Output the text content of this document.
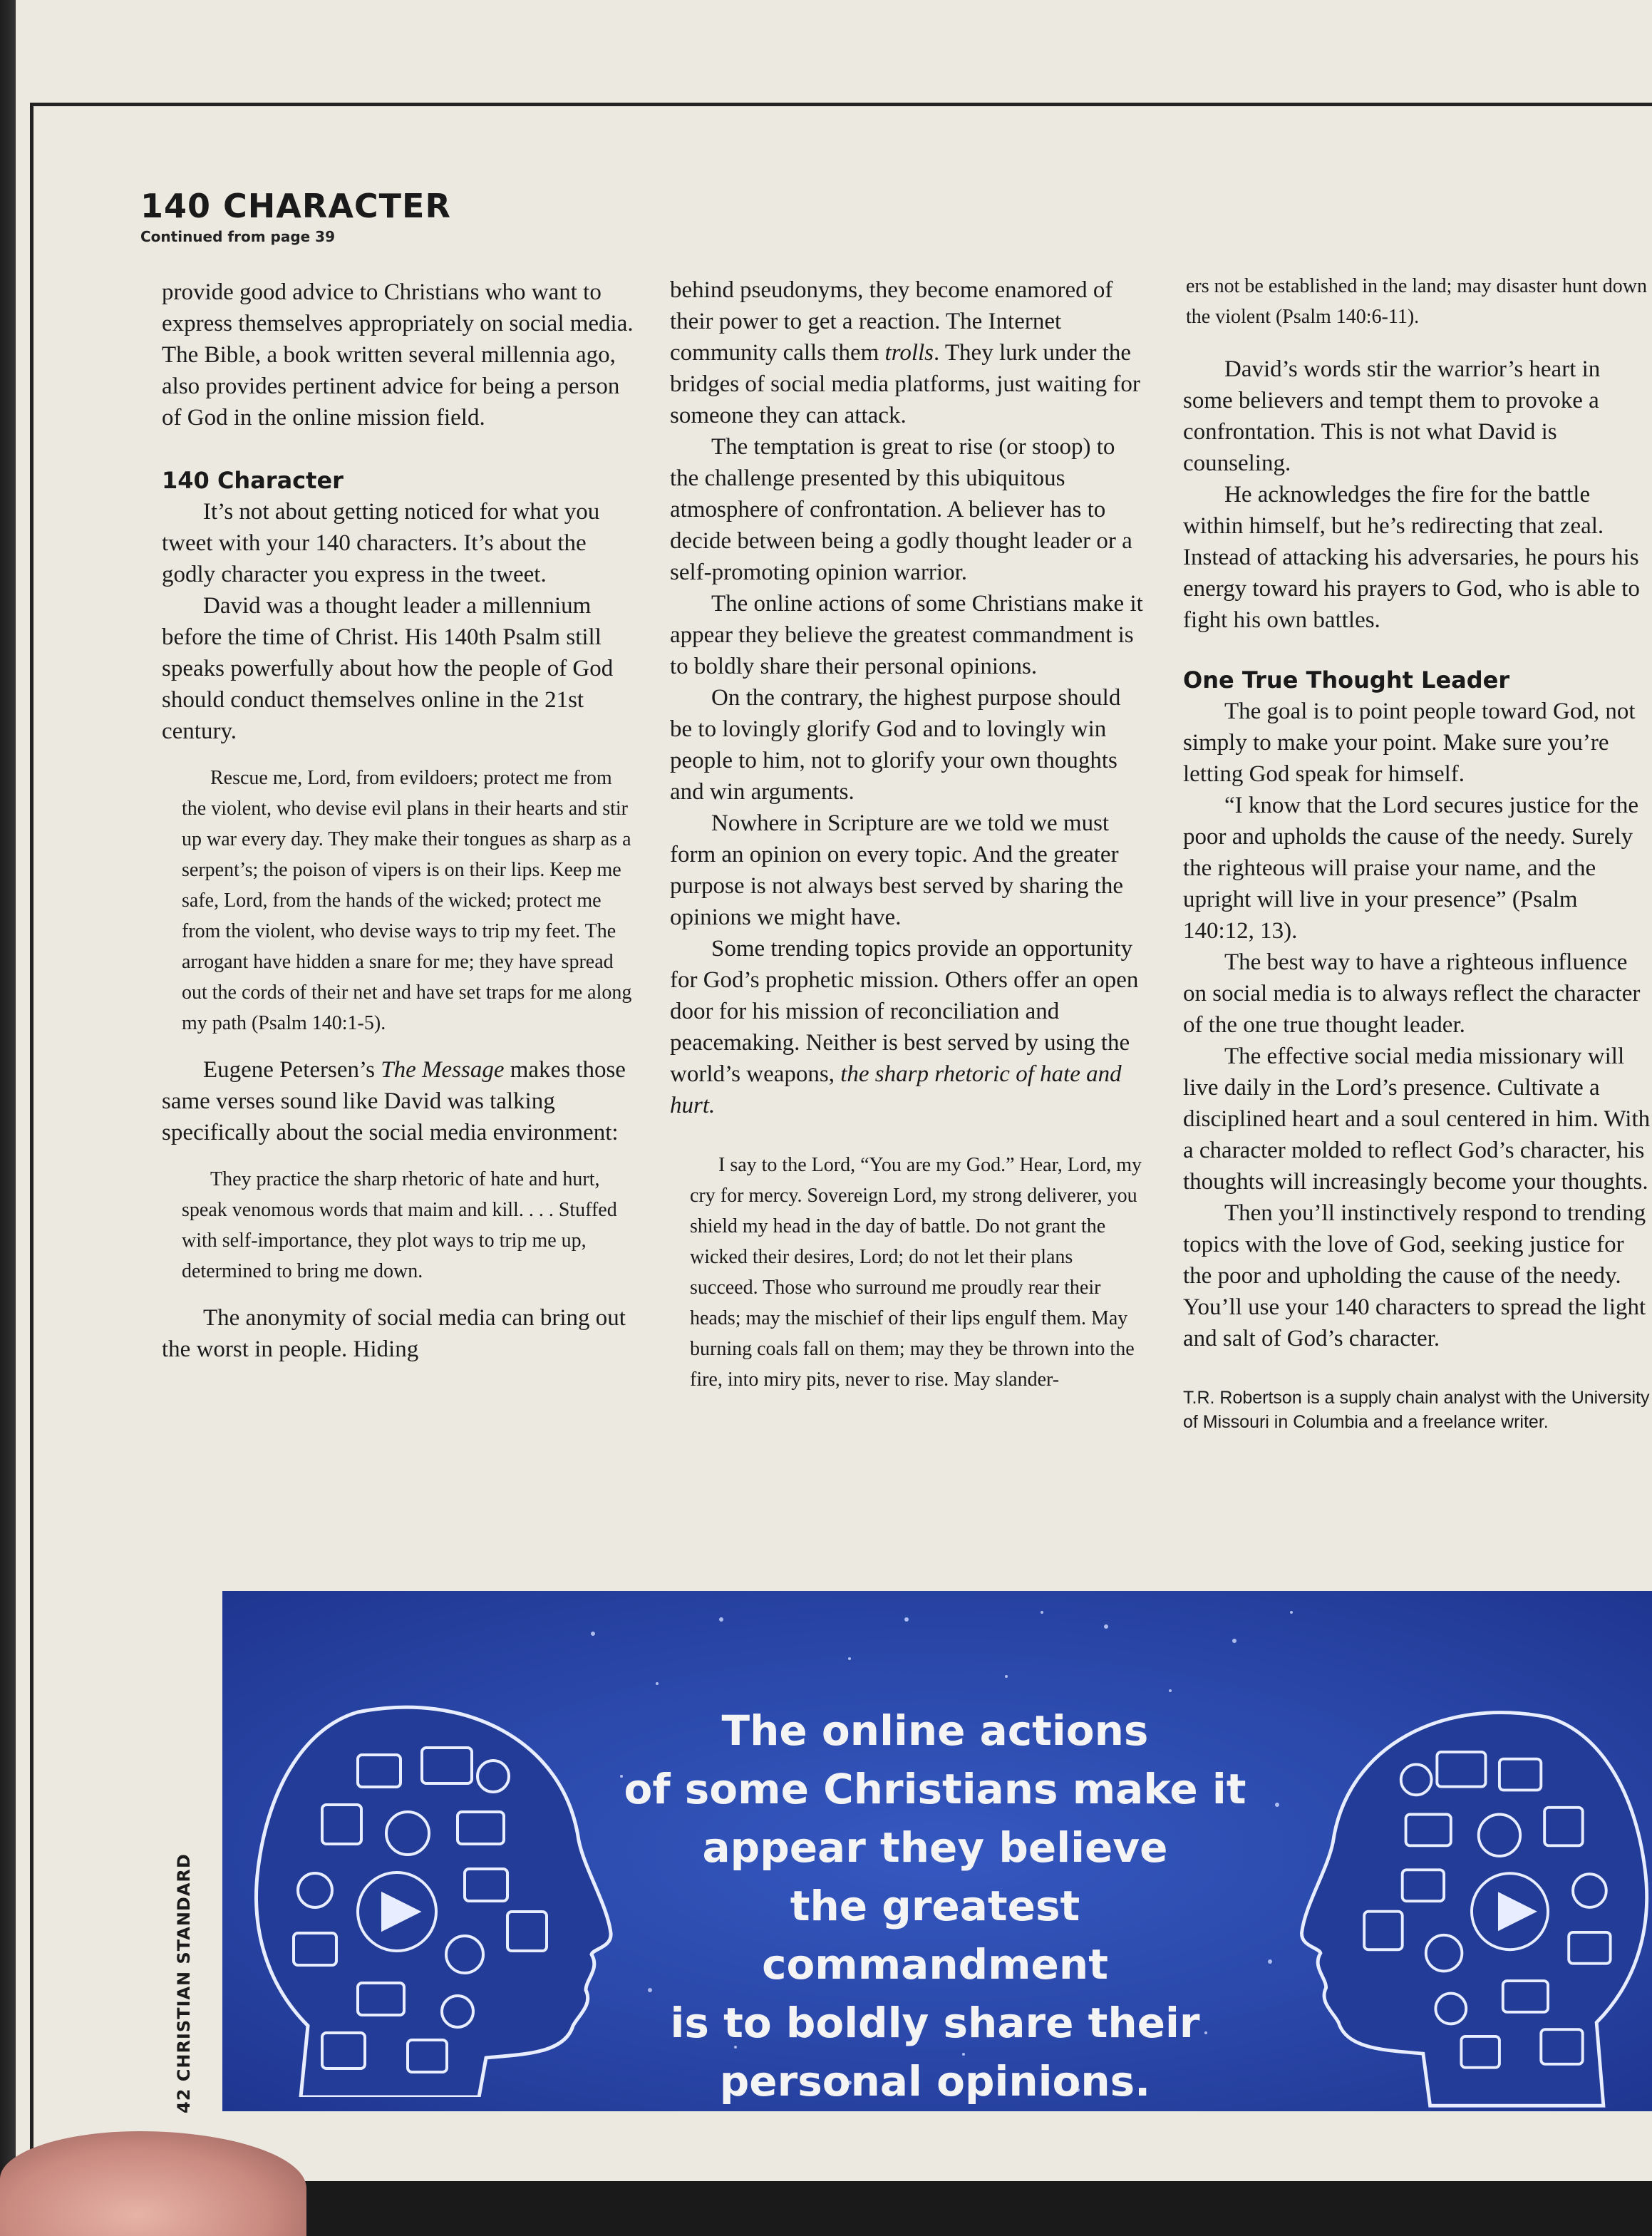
140 CHARACTER
Continued from page 39

provide good advice to Christians who want to express themselves appropriately on social media. The Bible, a book written several millennia ago, also provides pertinent advice for being a person of God in the online mission field.

140 Character

It’s not about getting noticed for what you tweet with your 140 characters. It’s about the godly character you express in the tweet.

David was a thought leader a millennium before the time of Christ. His 140th Psalm still speaks powerfully about how the people of God should conduct themselves online in the 21st century.

Rescue me, Lord, from evildoers; protect me from the violent, who devise evil plans in their hearts and stir up war every day. They make their tongues as sharp as a serpent’s; the poison of vipers is on their lips. Keep me safe, Lord, from the hands of the wicked; protect me from the violent, who devise ways to trip my feet. The arrogant have hidden a snare for me; they have spread out the cords of their net and have set traps for me along my path (Psalm 140:1-5).

Eugene Petersen’s The Message makes those same verses sound like David was talking specifically about the social media environment:

They practice the sharp rhetoric of hate and hurt, speak venomous words that maim and kill. . . . Stuffed with self-importance, they plot ways to trip me up, determined to bring me down.

The anonymity of social media can bring out the worst in people. Hiding

behind pseudonyms, they become enamored of their power to get a reaction. The Internet community calls them trolls. They lurk under the bridges of social media platforms, just waiting for someone they can attack.

The temptation is great to rise (or stoop) to the challenge presented by this ubiquitous atmosphere of confrontation. A believer has to decide between being a godly thought leader or a self-promoting opinion warrior.

The online actions of some Christians make it appear they believe the greatest commandment is to boldly share their personal opinions.

On the contrary, the highest purpose should be to lovingly glorify God and to lovingly win people to him, not to glorify your own thoughts and win arguments.

Nowhere in Scripture are we told we must form an opinion on every topic. And the greater purpose is not always best served by sharing the opinions we might have.

Some trending topics provide an opportunity for God’s prophetic mission. Others offer an open door for his mission of reconciliation and peacemaking. Neither is best served by using the world’s weapons, the sharp rhetoric of hate and hurt.

I say to the Lord, “You are my God.” Hear, Lord, my cry for mercy. Sovereign Lord, my strong deliverer, you shield my head in the day of battle. Do not grant the wicked their desires, Lord; do not let their plans succeed. Those who surround me proudly rear their heads; may the mischief of their lips engulf them. May burning coals fall on them; may they be thrown into the fire, into miry pits, never to rise. May slander-
ers not be established in the land; may disaster hunt down the violent (Psalm 140:6-11).

David’s words stir the warrior’s heart in some believers and tempt them to provoke a confrontation. This is not what David is counseling.

He acknowledges the fire for the battle within himself, but he’s redirecting that zeal. Instead of attacking his adversaries, he pours his energy toward his prayers to God, who is able to fight his own battles.

One True Thought Leader

The goal is to point people toward God, not simply to make your point. Make sure you’re letting God speak for himself.

“I know that the Lord secures justice for the poor and upholds the cause of the needy. Surely the righteous will praise your name, and the upright will live in your presence” (Psalm 140:12, 13).

The best way to have a righteous influence on social media is to always reflect the character of the one true thought leader.

The effective social media missionary will live daily in the Lord’s presence. Cultivate a disciplined heart and a soul centered in him. With a character molded to reflect God’s character, his thoughts will increasingly become your thoughts.

Then you’ll instinctively respond to trending topics with the love of God, seeking justice for the poor and upholding the cause of the needy. You’ll use your 140 characters to spread the light and salt of God’s character.

T.R. Robertson is a supply chain analyst with the University of Missouri in Columbia and a freelance writer.
42 CHRISTIAN STANDARD
The online actions
of some Christians make it
appear they believe
the greatest commandment
is to boldly share their
personal opinions.
